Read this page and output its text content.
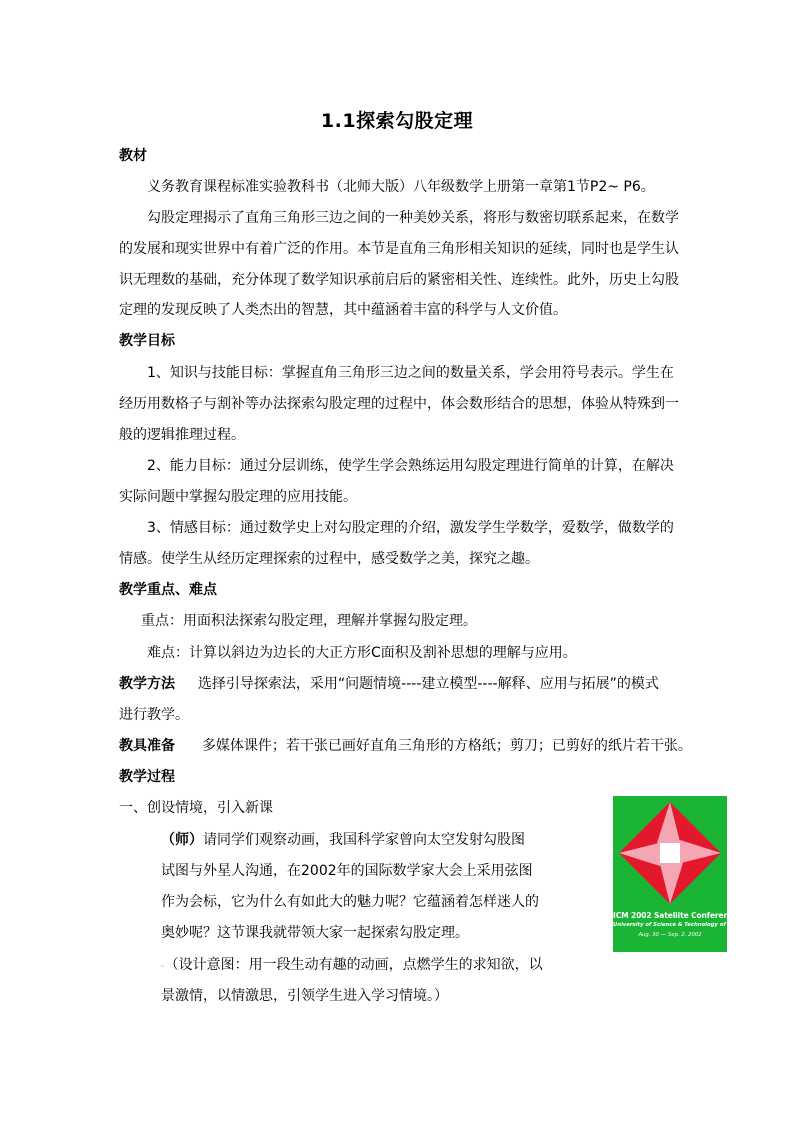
1.1探索勾股定理
教材
义务教育课程标准实验教科书（北师大版）八年级数学上册第一章第1节P2~ P6。
勾股定理揭示了直角三角形三边之间的一种美妙关系，将形与数密切联系起来，在数学
的发展和现实世界中有着广泛的作用。本节是直角三角形相关知识的延续，同时也是学生认
识无理数的基础，充分体现了数学知识承前启后的紧密相关性、连续性。此外，历史上勾股
定理的发现反映了人类杰出的智慧，其中蕴涵着丰富的科学与人文价值。
教学目标
1、知识与技能目标：掌握直角三角形三边之间的数量关系，学会用符号表示。学生在
经历用数格子与割补等办法探索勾股定理的过程中，体会数形结合的思想，体验从特殊到一
般的逻辑推理过程。
2、能力目标：通过分层训练，使学生学会熟练运用勾股定理进行简单的计算，在解决
实际问题中掌握勾股定理的应用技能。
3、情感目标：通过数学史上对勾股定理的介绍，激发学生学数学，爱数学，做数学的
情感。使学生从经历定理探索的过程中，感受数学之美，探究之趣。
教学重点、难点
重点：用面积法探索勾股定理，理解并掌握勾股定理。
难点：计算以斜边为边长的大正方形C面积及割补思想的理解与应用。
教学方法 选择引导探索法，采用“问题情境----建立模型----解释、应用与拓展”的模式
进行教学。
教具准备 多媒体课件；若干张已画好直角三角形的方格纸；剪刀；已剪好的纸片若干张。
教学过程
一、创设情境，引入新课
（师）请同学们观察动画，我国科学家曾向太空发射勾股图
试图与外星人沟通，在2002年的国际数学家大会上采用弦图
作为会标，它为什么有如此大的魅力呢？它蕴涵着怎样迷人的
奥妙呢？这节课我就带领大家一起探索勾股定理。
-（设计意图：用一段生动有趣的动画，点燃学生的求知欲，以
景激情，以情激思，引领学生进入学习情境。）
ICM 2002 Satellite Conference
University of Science & Technology of China
Aug. 30 --- Sep. 2, 2002
